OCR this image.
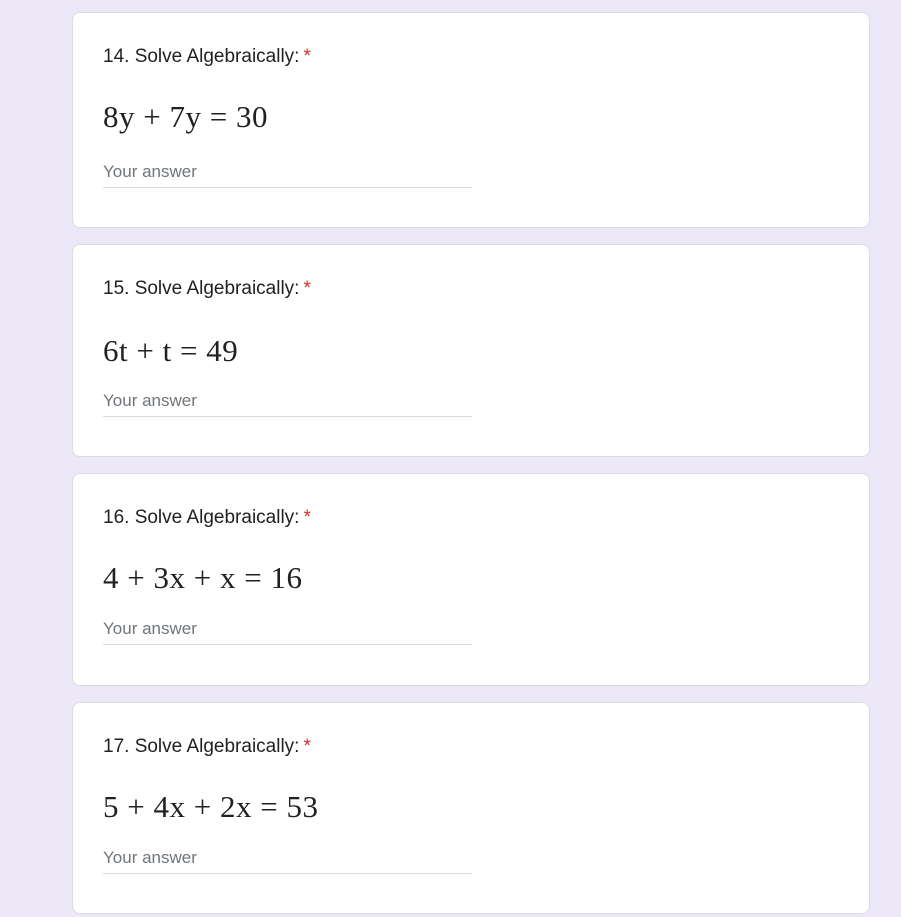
14. Solve Algebraically: *
8y + 7y = 30
Your answer
15. Solve Algebraically: *
6t + t = 49
Your answer
16. Solve Algebraically: *
4 + 3x + x = 16
Your answer
17. Solve Algebraically: *
5 + 4x + 2x = 53
Your answer
